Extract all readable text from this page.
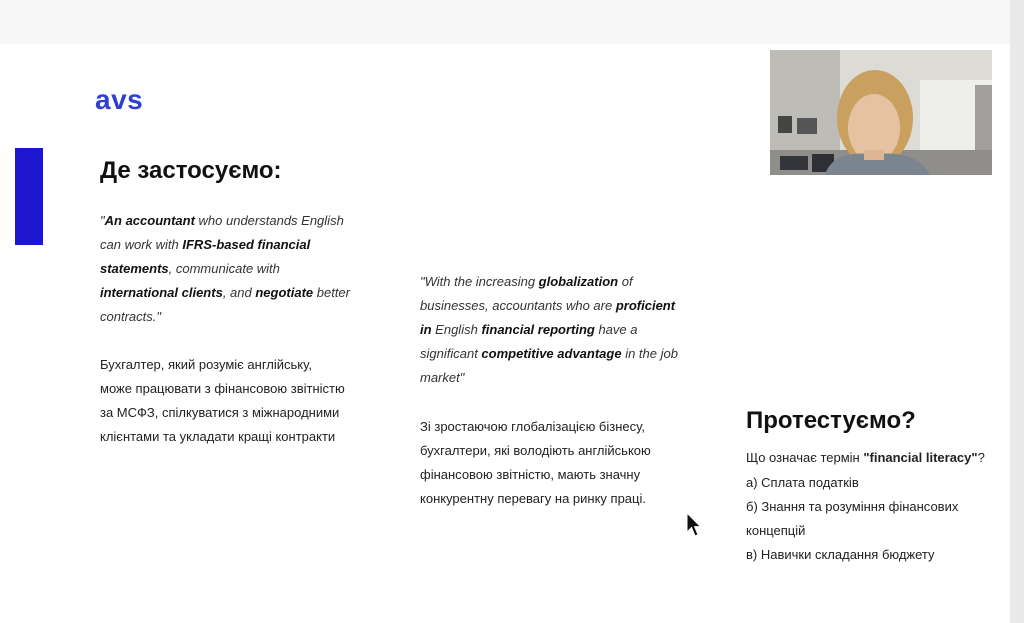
avs
Де застосуємо:

"An accountant who understands English can work with IFRS-based financial statements, communicate with international clients, and negotiate better contracts."

Бухгалтер, який розуміє англійську, може працювати з фінансовою звітністю за МСФЗ, спілкуватися з міжнародними клієнтами та укладати кращі контракти

"With the increasing globalization of businesses, accountants who are proficient in English financial reporting have a significant competitive advantage in the job market"

Зі зростаючою глобалізацією бізнесу, бухгалтери, які володіють англійською фінансовою звітністю, мають значну конкурентну перевагу на ринку праці.

Протестуємо?
Що означає термін "financial literacy"?
а) Сплата податків
б) Знання та розуміння фінансових концепцій
в) Навички складання бюджету
